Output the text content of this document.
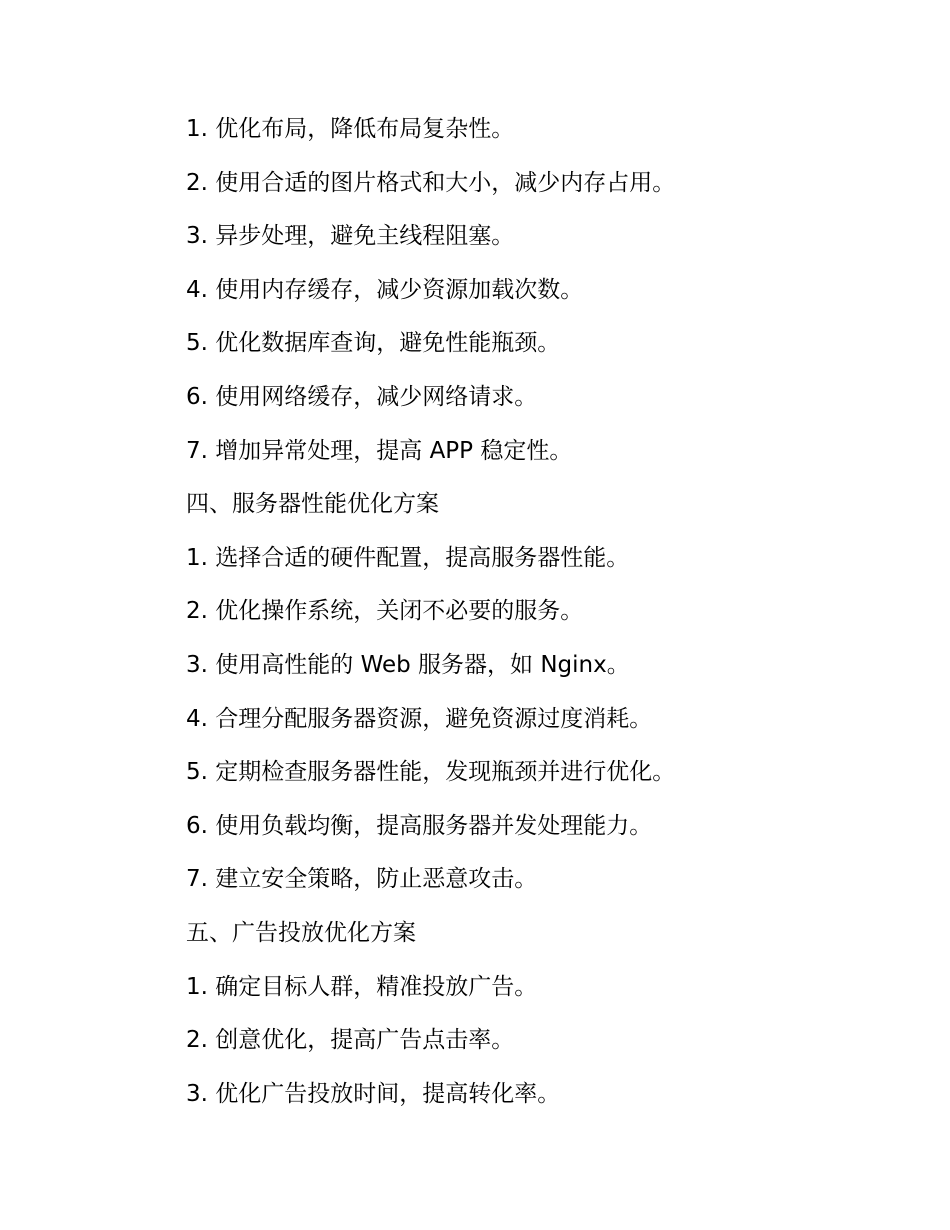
1. 优化布局，降低布局复杂性。
2. 使用合适的图片格式和大小，减少内存占用。
3. 异步处理，避免主线程阻塞。
4. 使用内存缓存，减少资源加载次数。
5. 优化数据库查询，避免性能瓶颈。
6. 使用网络缓存，减少网络请求。
7. 增加异常处理，提高 APP 稳定性。
四、服务器性能优化方案
1. 选择合适的硬件配置，提高服务器性能。
2. 优化操作系统，关闭不必要的服务。
3. 使用高性能的 Web 服务器，如 Nginx。
4. 合理分配服务器资源，避免资源过度消耗。
5. 定期检查服务器性能，发现瓶颈并进行优化。
6. 使用负载均衡，提高服务器并发处理能力。
7. 建立安全策略，防止恶意攻击。
五、广告投放优化方案
1. 确定目标人群，精准投放广告。
2. 创意优化，提高广告点击率。
3. 优化广告投放时间，提高转化率。
